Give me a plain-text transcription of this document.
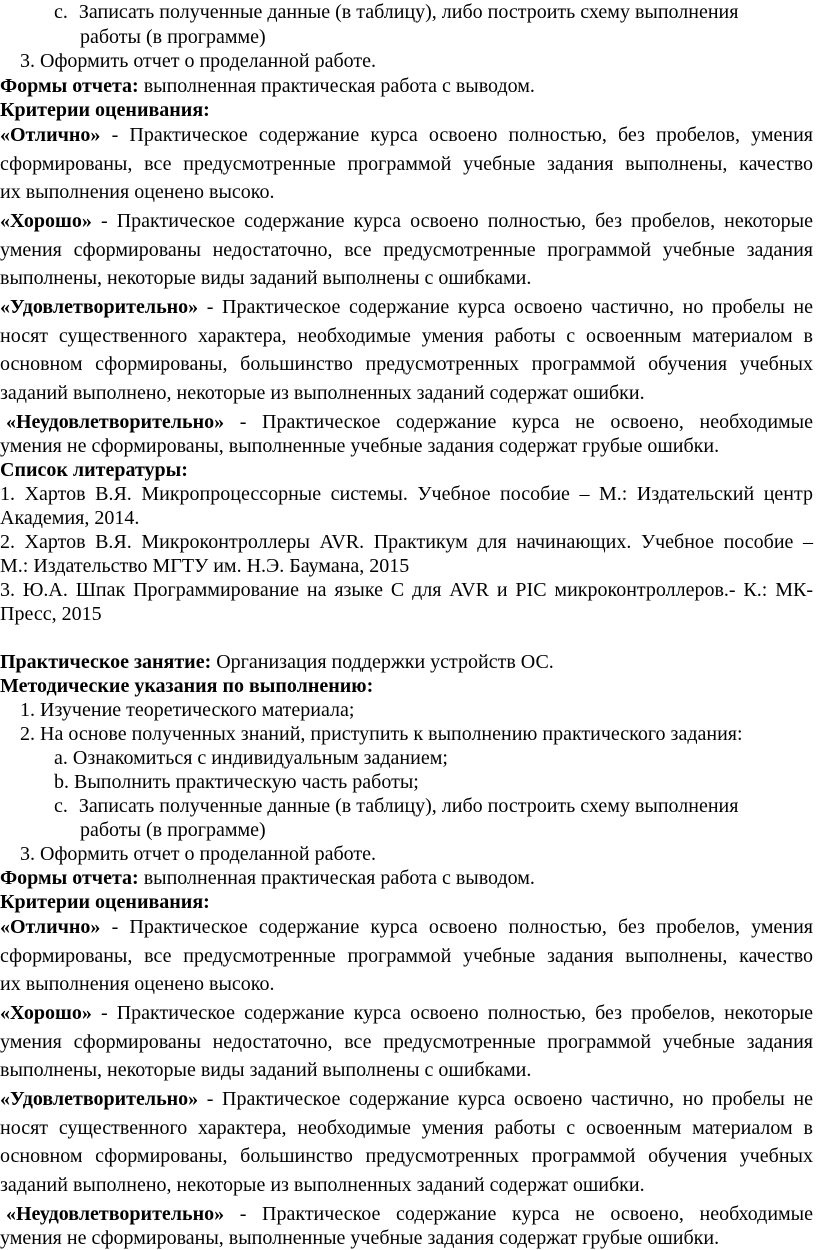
c. Записать полученные данные (в таблицу), либо построить схему выполнения
работы (в программе)
3. Оформить отчет о проделанной работе.
Формы отчета: выполненная практическая работа с выводом.
Критерии оценивания:
«Отлично» - Практическое содержание курса освоено полностью, без пробелов, умения
сформированы, все предусмотренные программой учебные задания выполнены, качество
их выполнения оценено высоко.
«Хорошо» - Практическое содержание курса освоено полностью, без пробелов, некоторые
умения сформированы недостаточно, все предусмотренные программой учебные задания
выполнены, некоторые виды заданий выполнены с ошибками.
«Удовлетворительно» - Практическое содержание курса освоено частично, но пробелы не
носят существенного характера, необходимые умения работы с освоенным материалом в
основном сформированы, большинство предусмотренных программой обучения учебных
заданий выполнено, некоторые из выполненных заданий содержат ошибки.
«Неудовлетворительно» - Практическое содержание курса не освоено, необходимые
умения не сформированы, выполненные учебные задания содержат грубые ошибки.
Список литературы:
1. Хартов В.Я. Микропроцессорные системы. Учебное пособие – М.: Издательский центр
Академия, 2014.
2. Хартов В.Я. Микроконтроллеры AVR. Практикум для начинающих. Учебное пособие –
М.: Издательство МГТУ им. Н.Э. Баумана, 2015
3. Ю.А. Шпак Программирование на языке С для AVR и PIC микроконтроллеров.- К.: МК-
Пресс, 2015
Практическое занятие: Организация поддержки устройств ОС.
Методические указания по выполнению:
1. Изучение теоретического материала;
2. На основе полученных знаний, приступить к выполнению практического задания:
a. Ознакомиться с индивидуальным заданием;
b. Выполнить практическую часть работы;
c. Записать полученные данные (в таблицу), либо построить схему выполнения
работы (в программе)
3. Оформить отчет о проделанной работе.
Формы отчета: выполненная практическая работа с выводом.
Критерии оценивания:
«Отлично» - Практическое содержание курса освоено полностью, без пробелов, умения
сформированы, все предусмотренные программой учебные задания выполнены, качество
их выполнения оценено высоко.
«Хорошо» - Практическое содержание курса освоено полностью, без пробелов, некоторые
умения сформированы недостаточно, все предусмотренные программой учебные задания
выполнены, некоторые виды заданий выполнены с ошибками.
«Удовлетворительно» - Практическое содержание курса освоено частично, но пробелы не
носят существенного характера, необходимые умения работы с освоенным материалом в
основном сформированы, большинство предусмотренных программой обучения учебных
заданий выполнено, некоторые из выполненных заданий содержат ошибки.
«Неудовлетворительно» - Практическое содержание курса не освоено, необходимые
умения не сформированы, выполненные учебные задания содержат грубые ошибки.
